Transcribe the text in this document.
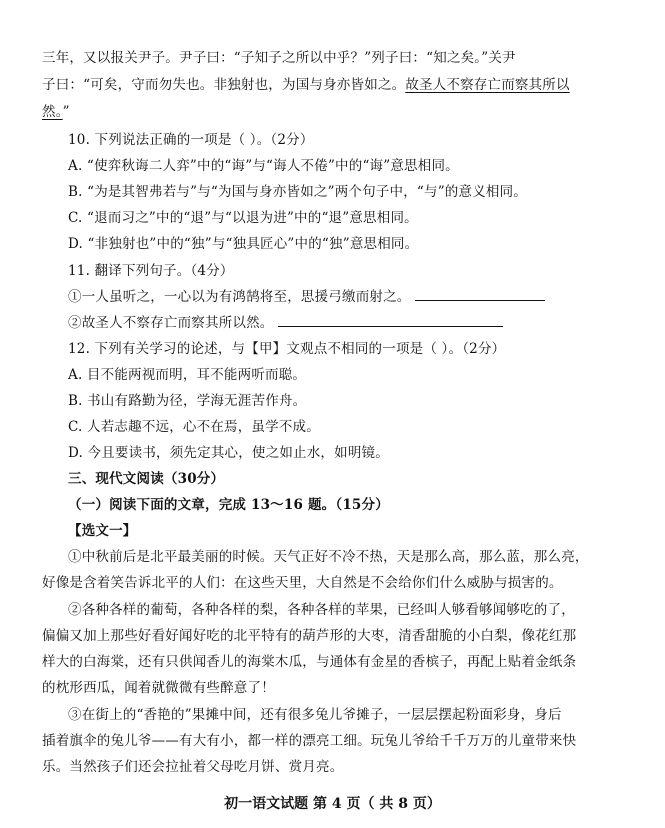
三年，又以报关尹子。尹子曰：“子知子之所以中乎？”列子曰：“知之矣。”关尹
子曰：“可矣，守而勿失也。非独射也，为国与身亦皆如之。故圣人不察存亡而察其所以
然。”
10. 下列说法正确的一项是（ ）。（2分）
A. “使弈秋诲二人弈”中的“诲”与“诲人不倦”中的“诲”意思相同。
B. “为是其智弗若与”与“为国与身亦皆如之”两个句子中，“与”的意义相同。
C. “退而习之”中的“退”与“以退为进”中的“退”意思相同。
D. “非独射也”中的“独”与“独具匠心”中的“独”意思相同。
11. 翻译下列句子。（4分）
①一人虽听之，一心以为有鸿鹄将至，思援弓缴而射之。
②故圣人不察存亡而察其所以然。
12. 下列有关学习的论述，与【甲】文观点不相同的一项是（ ）。（2分）
A. 目不能两视而明，耳不能两听而聪。
B. 书山有路勤为径，学海无涯苦作舟。
C. 人若志趣不远，心不在焉，虽学不成。
D. 今且要读书，须先定其心，使之如止水，如明镜。
三、现代文阅读（30分）
（一）阅读下面的文章，完成 13～16 题。（15分）
【选文一】
①中秋前后是北平最美丽的时候。天气正好不冷不热，天是那么高，那么蓝，那么亮，
好像是含着笑告诉北平的人们：在这些天里，大自然是不会给你们什么威胁与损害的。
②各种各样的葡萄，各种各样的梨，各种各样的苹果，已经叫人够看够闻够吃的了，
偏偏又加上那些好看好闻好吃的北平特有的葫芦形的大枣，清香甜脆的小白梨，像花红那
样大的白海棠，还有只供闻香儿的海棠木瓜，与通体有金星的香槟子，再配上贴着金纸条
的枕形西瓜，闻着就微微有些醉意了！
③在街上的“香艳的”果摊中间，还有很多兔儿爷摊子，一层层摆起粉面彩身，身后
插着旗伞的兔儿爷——有大有小，都一样的漂亮工细。玩兔儿爷给千千万万的儿童带来快
乐。当然孩子们还会拉扯着父母吃月饼、赏月亮。
初一语文试题 第 4 页（ 共 8 页）
